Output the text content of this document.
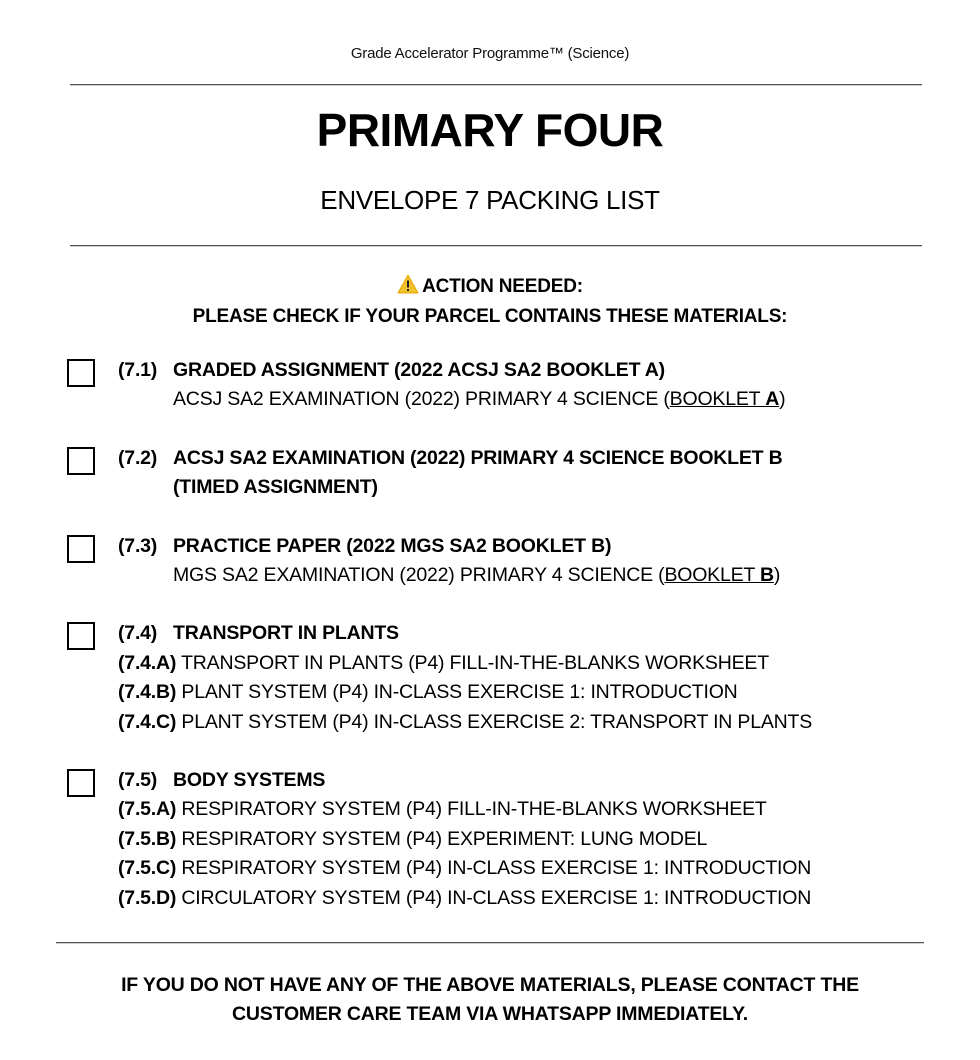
Grade Accelerator Programme™ (Science)
PRIMARY FOUR
ENVELOPE 7 PACKING LIST
ACTION NEEDED:
PLEASE CHECK IF YOUR PARCEL CONTAINS THESE MATERIALS:
(7.1) GRADED ASSIGNMENT (2022 ACSJ SA2 BOOKLET A)
ACSJ SA2 EXAMINATION (2022) PRIMARY 4 SCIENCE (BOOKLET A)
(7.2) ACSJ SA2 EXAMINATION (2022) PRIMARY 4 SCIENCE BOOKLET B
(TIMED ASSIGNMENT)
(7.3) PRACTICE PAPER (2022 MGS SA2 BOOKLET B)
MGS SA2 EXAMINATION (2022) PRIMARY 4 SCIENCE (BOOKLET B)
(7.4) TRANSPORT IN PLANTS
(7.4.A) TRANSPORT IN PLANTS (P4) FILL-IN-THE-BLANKS WORKSHEET
(7.4.B) PLANT SYSTEM (P4) IN-CLASS EXERCISE 1: INTRODUCTION
(7.4.C) PLANT SYSTEM (P4) IN-CLASS EXERCISE 2: TRANSPORT IN PLANTS
(7.5) BODY SYSTEMS
(7.5.A) RESPIRATORY SYSTEM (P4) FILL-IN-THE-BLANKS WORKSHEET
(7.5.B) RESPIRATORY SYSTEM (P4) EXPERIMENT: LUNG MODEL
(7.5.C) RESPIRATORY SYSTEM (P4) IN-CLASS EXERCISE 1: INTRODUCTION
(7.5.D) CIRCULATORY SYSTEM (P4) IN-CLASS EXERCISE 1: INTRODUCTION
IF YOU DO NOT HAVE ANY OF THE ABOVE MATERIALS, PLEASE CONTACT THE
CUSTOMER CARE TEAM VIA WHATSAPP IMMEDIATELY.
